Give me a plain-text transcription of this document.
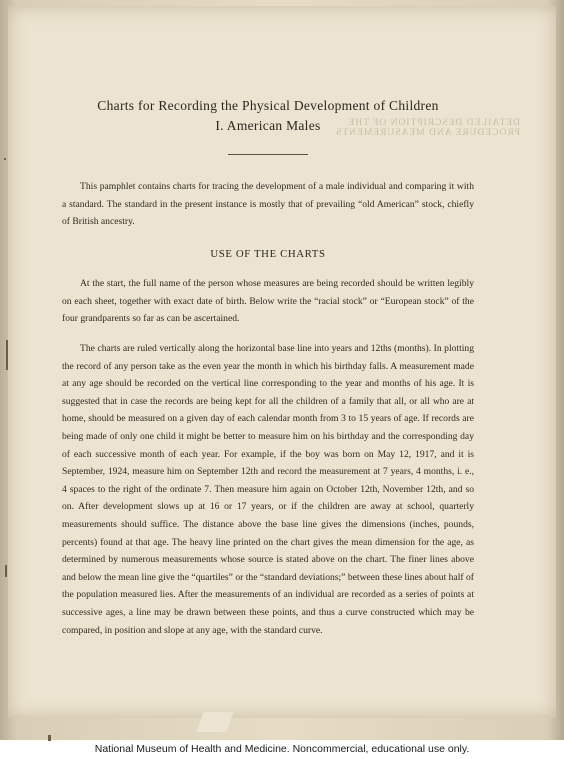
DETAILED DESCRIPTION OF THE PROCEDURE AND MEASUREMENTS
Charts for Recording the Physical Development of Children
I. American Males

This pamphlet contains charts for tracing the development of a male individual and comparing it with a standard. The standard in the present instance is mostly that of prevailing “old American” stock, chiefly of British ancestry.

USE OF THE CHARTS

At the start, the full name of the person whose measures are being recorded should be written legibly on each sheet, together with exact date of birth. Below write the “racial stock” or “European stock” of the four grandparents so far as can be ascertained.

The charts are ruled vertically along the horizontal base line into years and 12ths (months). In plotting the record of any person take as the even year the month in which his birthday falls. A measurement made at any age should be recorded on the vertical line corresponding to the year and months of his age. It is suggested that in case the records are being kept for all the children of a family that all, or all who are at home, should be measured on a given day of each calendar month from 3 to 15 years of age. If records are being made of only one child it might be better to measure him on his birthday and the corresponding day of each successive month of each year. For example, if the boy was born on May 12, 1917, and it is September, 1924, measure him on September 12th and record the measurement at 7 years, 4 months, i. e., 4 spaces to the right of the ordinate 7. Then measure him again on October 12th, November 12th, and so on. After development slows up at 16 or 17 years, or if the children are away at school, quarterly measurements should suffice. The distance above the base line gives the dimensions (inches, pounds, percents) found at that age. The heavy line printed on the chart gives the mean dimension for the age, as determined by numerous measurements whose source is stated above on the chart. The finer lines above and below the mean line give the “quartiles” or the “standard deviations;” between these lines about half of the population measured lies. After the measurements of an individual are recorded as a series of points at successive ages, a line may be drawn between these points, and thus a curve constructed which may be compared, in position and slope at any age, with the standard curve.

National Museum of Health and Medicine. Noncommercial, educational use only.
